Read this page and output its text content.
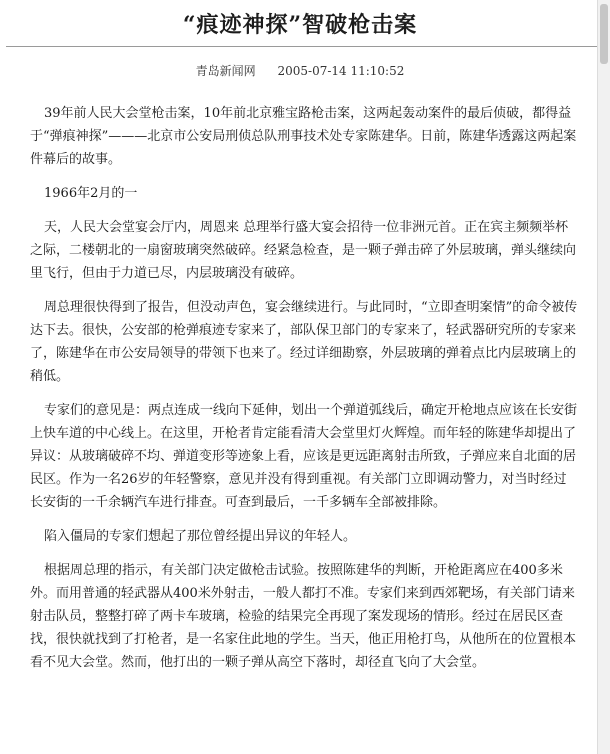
“痕迹神探”智破枪击案
青岛新闻网 2005-07-14 11:10:52

39年前人民大会堂枪击案，10年前北京雅宝路枪击案，这两起轰动案件的最后侦破，都得益于“弹痕神探”———北京市公安局刑侦总队刑事技术处专家陈建华。日前，陈建华透露这两起案件幕后的故事。

1966年2月的一

天，人民大会堂宴会厅内，周恩来 总理举行盛大宴会招待一位非洲元首。正在宾主频频举杯之际，二楼朝北的一扇窗玻璃突然破碎。经紧急检查，是一颗子弹击碎了外层玻璃，弹头继续向里飞行，但由于力道已尽，内层玻璃没有破碎。

周总理很快得到了报告，但没动声色，宴会继续进行。与此同时，“立即查明案情”的命令被传达下去。很快，公安部的枪弹痕迹专家来了，部队保卫部门的专家来了，轻武器研究所的专家来了，陈建华在市公安局领导的带领下也来了。经过详细勘察，外层玻璃的弹着点比内层玻璃上的稍低。

专家们的意见是：两点连成一线向下延伸，划出一个弹道弧线后，确定开枪地点应该在长安街上快车道的中心线上。在这里，开枪者肯定能看清大会堂里灯火辉煌。而年轻的陈建华却提出了异议：从玻璃破碎不均、弹道变形等迹象上看，应该是更远距离射击所致，子弹应来自北面的居民区。作为一名26岁的年轻警察，意见并没有得到重视。有关部门立即调动警力，对当时经过长安街的一千余辆汽车进行排查。可查到最后，一千多辆车全部被排除。

陷入僵局的专家们想起了那位曾经提出异议的年轻人。

根据周总理的指示，有关部门决定做枪击试验。按照陈建华的判断，开枪距离应在400多米外。而用普通的轻武器从400米外射击，一般人都打不准。专家们来到西郊靶场，有关部门请来射击队员，整整打碎了两卡车玻璃，检验的结果完全再现了案发现场的情形。经过在居民区查找，很快就找到了打枪者，是一名家住此地的学生。当天，他正用枪打鸟，从他所在的位置根本看不见大会堂。然而，他打出的一颗子弹从高空下落时，却径直飞向了大会堂。
